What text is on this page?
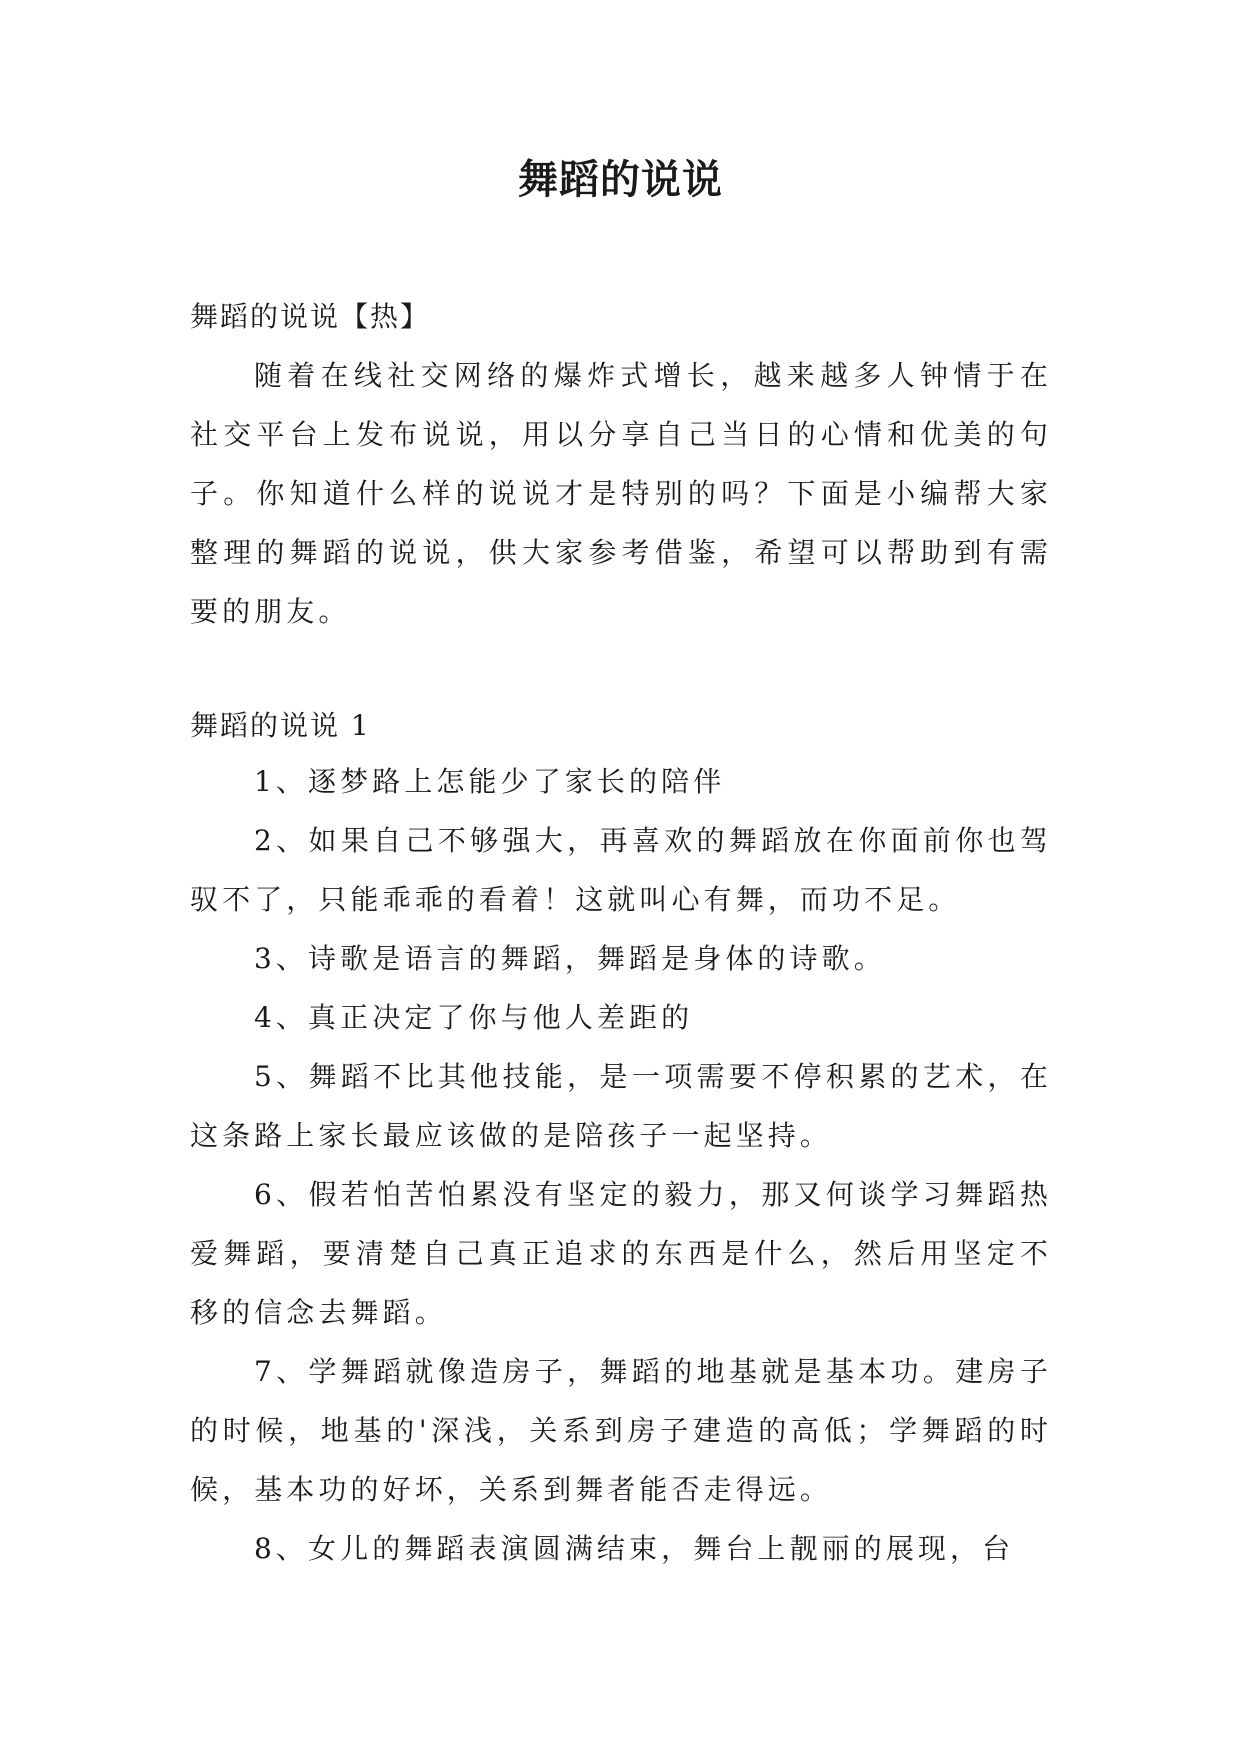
舞蹈的说说

舞蹈的说说【热】

随着在线社交网络的爆炸式增长，越来越多人钟情于在社交平台上发布说说，用以分享自己当日的心情和优美的句子。你知道什么样的说说才是特别的吗？下面是小编帮大家整理的舞蹈的说说，供大家参考借鉴，希望可以帮助到有需要的朋友。

舞蹈的说说 1

1、逐梦路上怎能少了家长的陪伴
2、如果自己不够强大，再喜欢的舞蹈放在你面前你也驾驭不了，只能乖乖的看着！这就叫心有舞，而功不足。
3、诗歌是语言的舞蹈，舞蹈是身体的诗歌。
4、真正决定了你与他人差距的
5、舞蹈不比其他技能，是一项需要不停积累的艺术，在这条路上家长最应该做的是陪孩子一起坚持。
6、假若怕苦怕累没有坚定的毅力，那又何谈学习舞蹈热爱舞蹈，要清楚自己真正追求的东西是什么，然后用坚定不移的信念去舞蹈。
7、学舞蹈就像造房子，舞蹈的地基就是基本功。建房子的时候，地基的'深浅，关系到房子建造的高低；学舞蹈的时候，基本功的好坏，关系到舞者能否走得远。
8、女儿的舞蹈表演圆满结束，舞台上靓丽的展现，台
